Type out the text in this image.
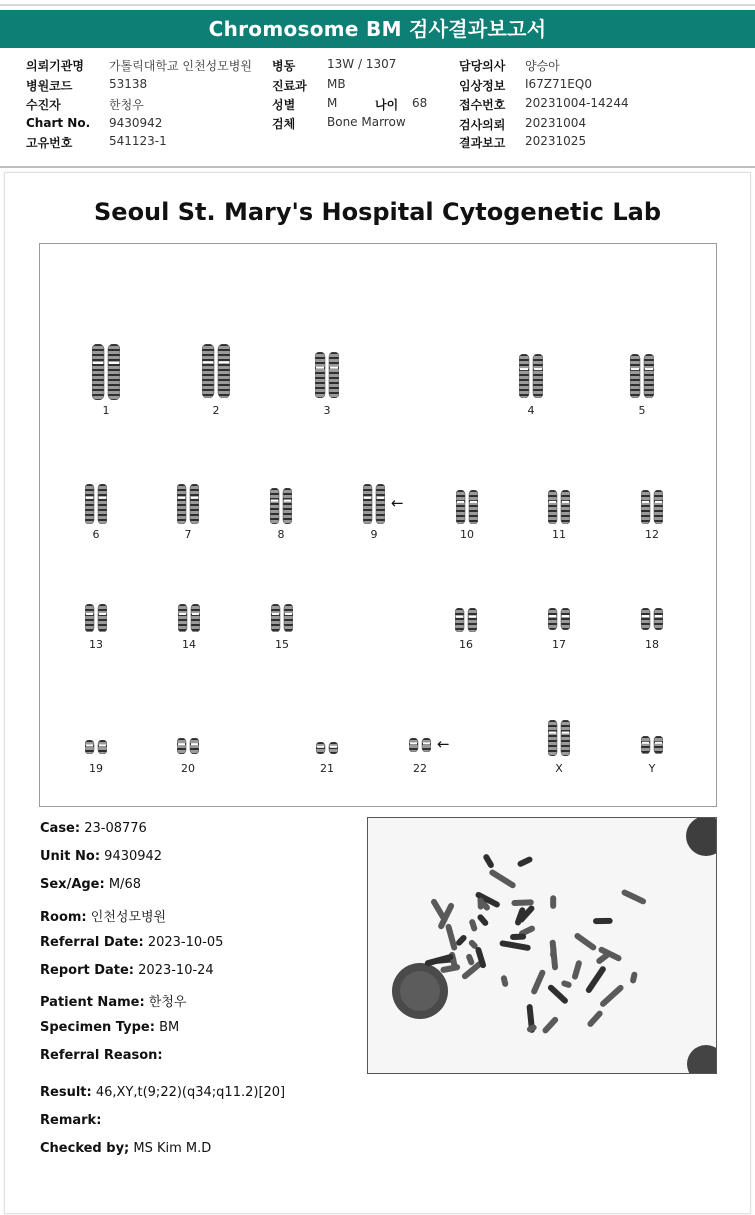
Chromosome BM 검사결과보고서
의뢰기관명 가톨릭대학교 인천성모병원
병원코드	53138
수진자	한청우
Chart No. 9430942
고유번호	541123-1
병동	13W / 1307
진료과 MB
성별	M	나이 68
검체	Bone Marrow
담당의사 양승아
임상정보 I67Z71EQ0
접수번호 20231004-14244
검사의뢰 20231004
결과보고 20231025
Seoul St. Mary's Hospital Cytogenetic Lab
1	2	3	4	5
6	7	8	9
←
10	11	12
13	14	15	16	17	18
19	20	21	22
←
X	Y
Case: 23-08776
Unit No: 9430942
Sex/Age: M/68
Room: 인천성모병원
Referral Date: 2023-10-05
Report Date: 2023-10-24
Patient Name: 한청우
Specimen Type: BM
Referral Reason:
Result: 46,XY,t(9;22)(q34;q11.2)[20]
Remark:
Checked by; MS Kim M.D
